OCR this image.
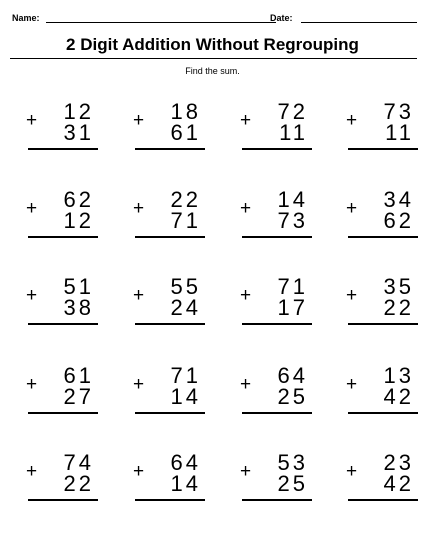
Name:	Date:
2 Digit Addition Without Regrouping
Find the sum.
12
+ 31
18
+ 61
72
+ 11
73
+ 11
62
+ 12
22
+ 71
14
+ 73
34
+ 62
51
+ 38
55
+ 24
71
+ 17
35
+ 22
61
+ 27
71
+ 14
64
+ 25
13
+ 42
74
+ 22
64
+ 14
53
+ 25
23
+ 42
